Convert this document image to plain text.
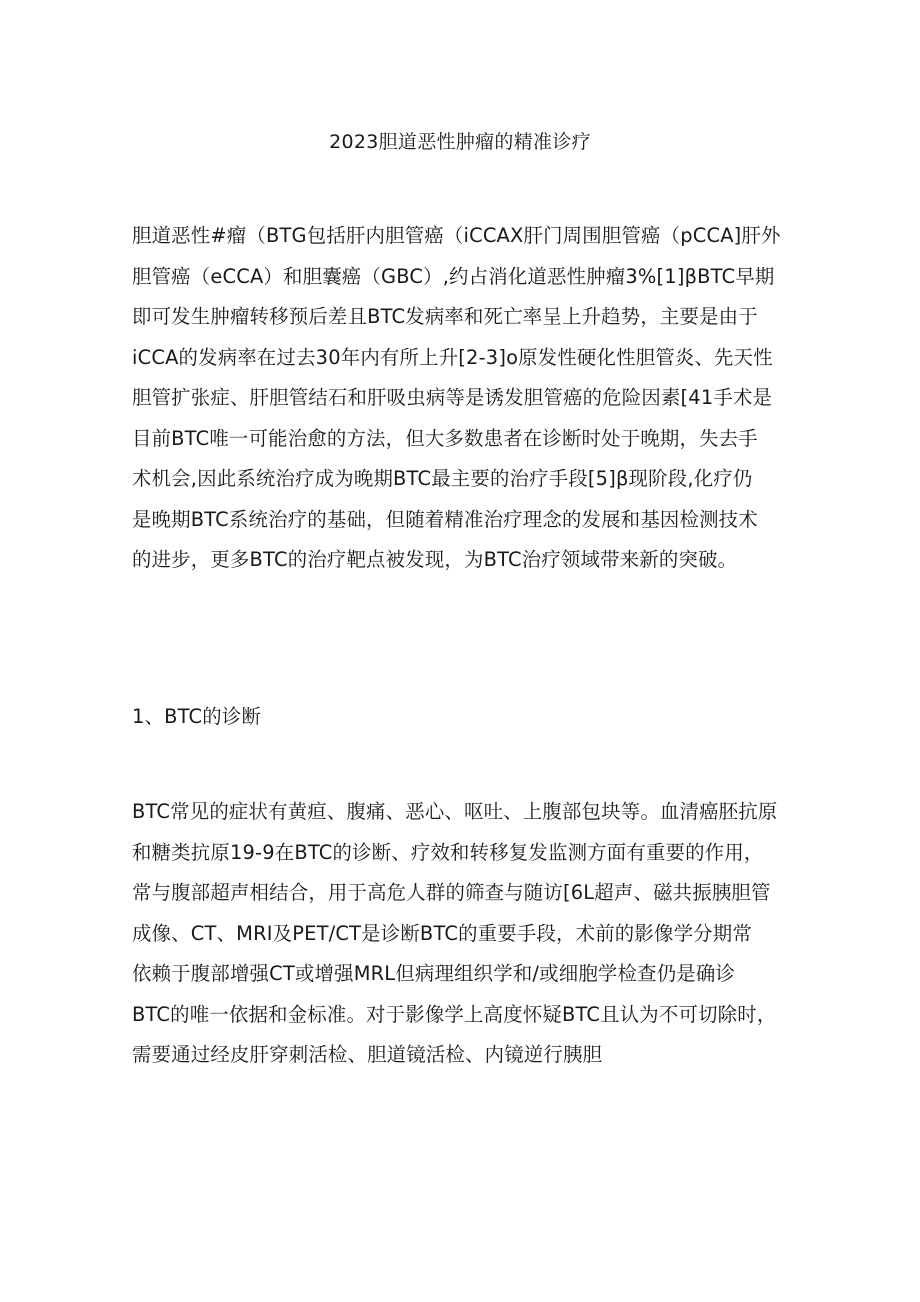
2023胆道恶性肿瘤的精准诊疗
胆道恶性#瘤（BTG包括肝内胆管癌（iCCAX肝门周围胆管癌（pCCA]肝外
胆管癌（eCCA）和胆囊癌（GBC）,约占消化道恶性肿瘤3%[1]βBTC早期
即可发生肿瘤转移预后差且BTC发病率和死亡率呈上升趋势，主要是由于
iCCA的发病率在过去30年内有所上升[2-3]o原发性硬化性胆管炎、先天性
胆管扩张症、肝胆管结石和肝吸虫病等是诱发胆管癌的危险因素[41手术是
目前BTC唯一可能治愈的方法，但大多数患者在诊断时处于晚期，失去手
术机会,因此系统治疗成为晚期BTC最主要的治疗手段[5]β现阶段,化疗仍
是晚期BTC系统治疗的基础，但随着精准治疗理念的发展和基因检测技术
的进步，更多BTC的治疗靶点被发现，为BTC治疗领域带来新的突破。
1、BTC的诊断
BTC常见的症状有黄疸、腹痛、恶心、呕吐、上腹部包块等。血清癌胚抗原
和糖类抗原19-9在BTC的诊断、疗效和转移复发监测方面有重要的作用，
常与腹部超声相结合，用于高危人群的筛查与随访[6L超声、磁共振胰胆管
成像、CT、MRI及PET/CT是诊断BTC的重要手段，术前的影像学分期常
依赖于腹部增强CT或增强MRL但病理组织学和/或细胞学检查仍是确诊
BTC的唯一依据和金标准。对于影像学上高度怀疑BTC且认为不可切除时，
需要通过经皮肝穿刺活检、胆道镜活检、内镜逆行胰胆
